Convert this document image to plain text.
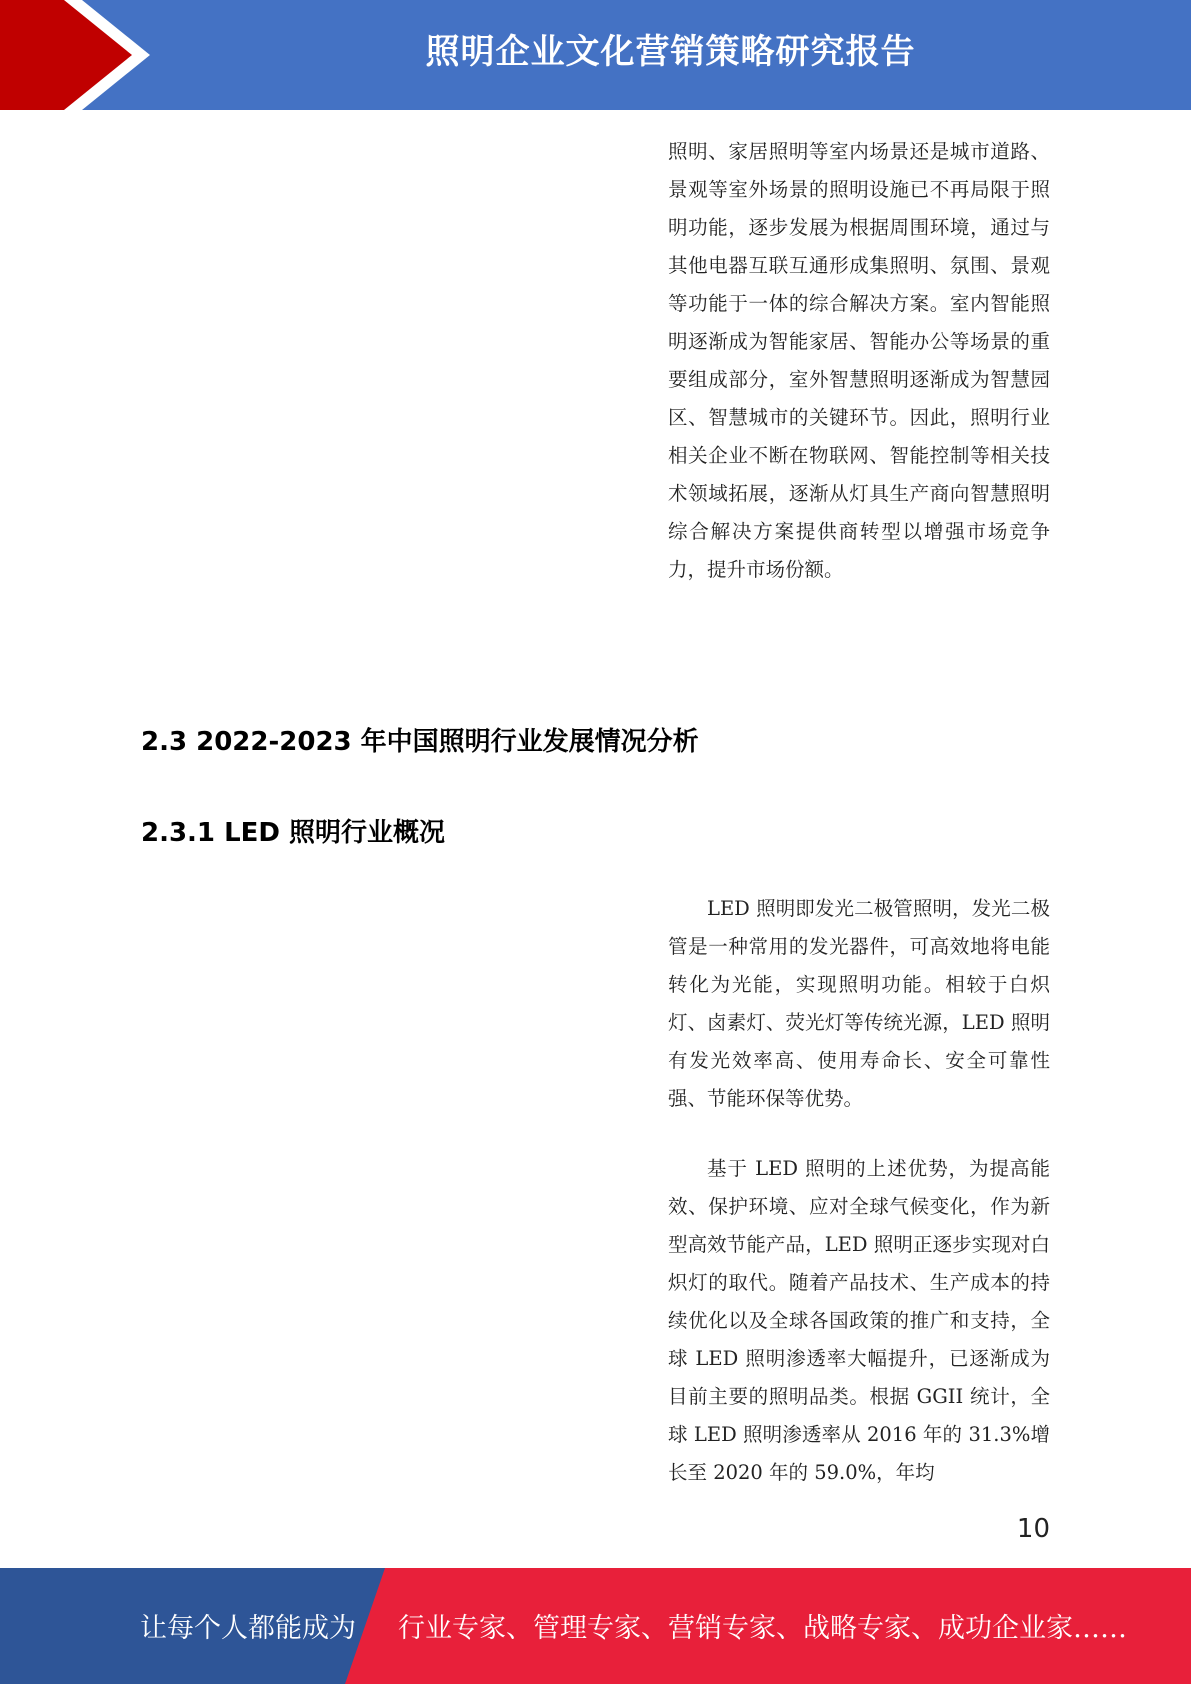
照明企业文化营销策略研究报告

照明、家居照明等室内场景还是城市道路、景观等室外场景的照明设施已不再局限于照明功能，逐步发展为根据周围环境，通过与其他电器互联互通形成集照明、氛围、景观等功能于一体的综合解决方案。室内智能照明逐渐成为智能家居、智能办公等场景的重要组成部分，室外智慧照明逐渐成为智慧园区、智慧城市的关键环节。因此，照明行业相关企业不断在物联网、智能控制等相关技术领域拓展，逐渐从灯具生产商向智慧照明综合解决方案提供商转型以增强市场竞争力，提升市场份额。

2.3 2022-2023 年中国照明行业发展情况分析
2.3.1 LED 照明行业概况

LED 照明即发光二极管照明，发光二极管是一种常用的发光器件，可高效地将电能转化为光能，实现照明功能。相较于白炽灯、卤素灯、荧光灯等传统光源，LED 照明有发光效率高、使用寿命长、安全可靠性强、节能环保等优势。

基于 LED 照明的上述优势，为提高能效、保护环境、应对全球气候变化，作为新型高效节能产品，LED 照明正逐步实现对白炽灯的取代。随着产品技术、生产成本的持续优化以及全球各国政策的推广和支持，全球 LED 照明渗透率大幅提升，已逐渐成为目前主要的照明品类。根据 GGII 统计，全球 LED 照明渗透率从 2016 年的 31.3%增长至 2020 年的 59.0%，年均

10
让每个人都能成为 行业专家、管理专家、营销专家、战略专家、成功企业家……
